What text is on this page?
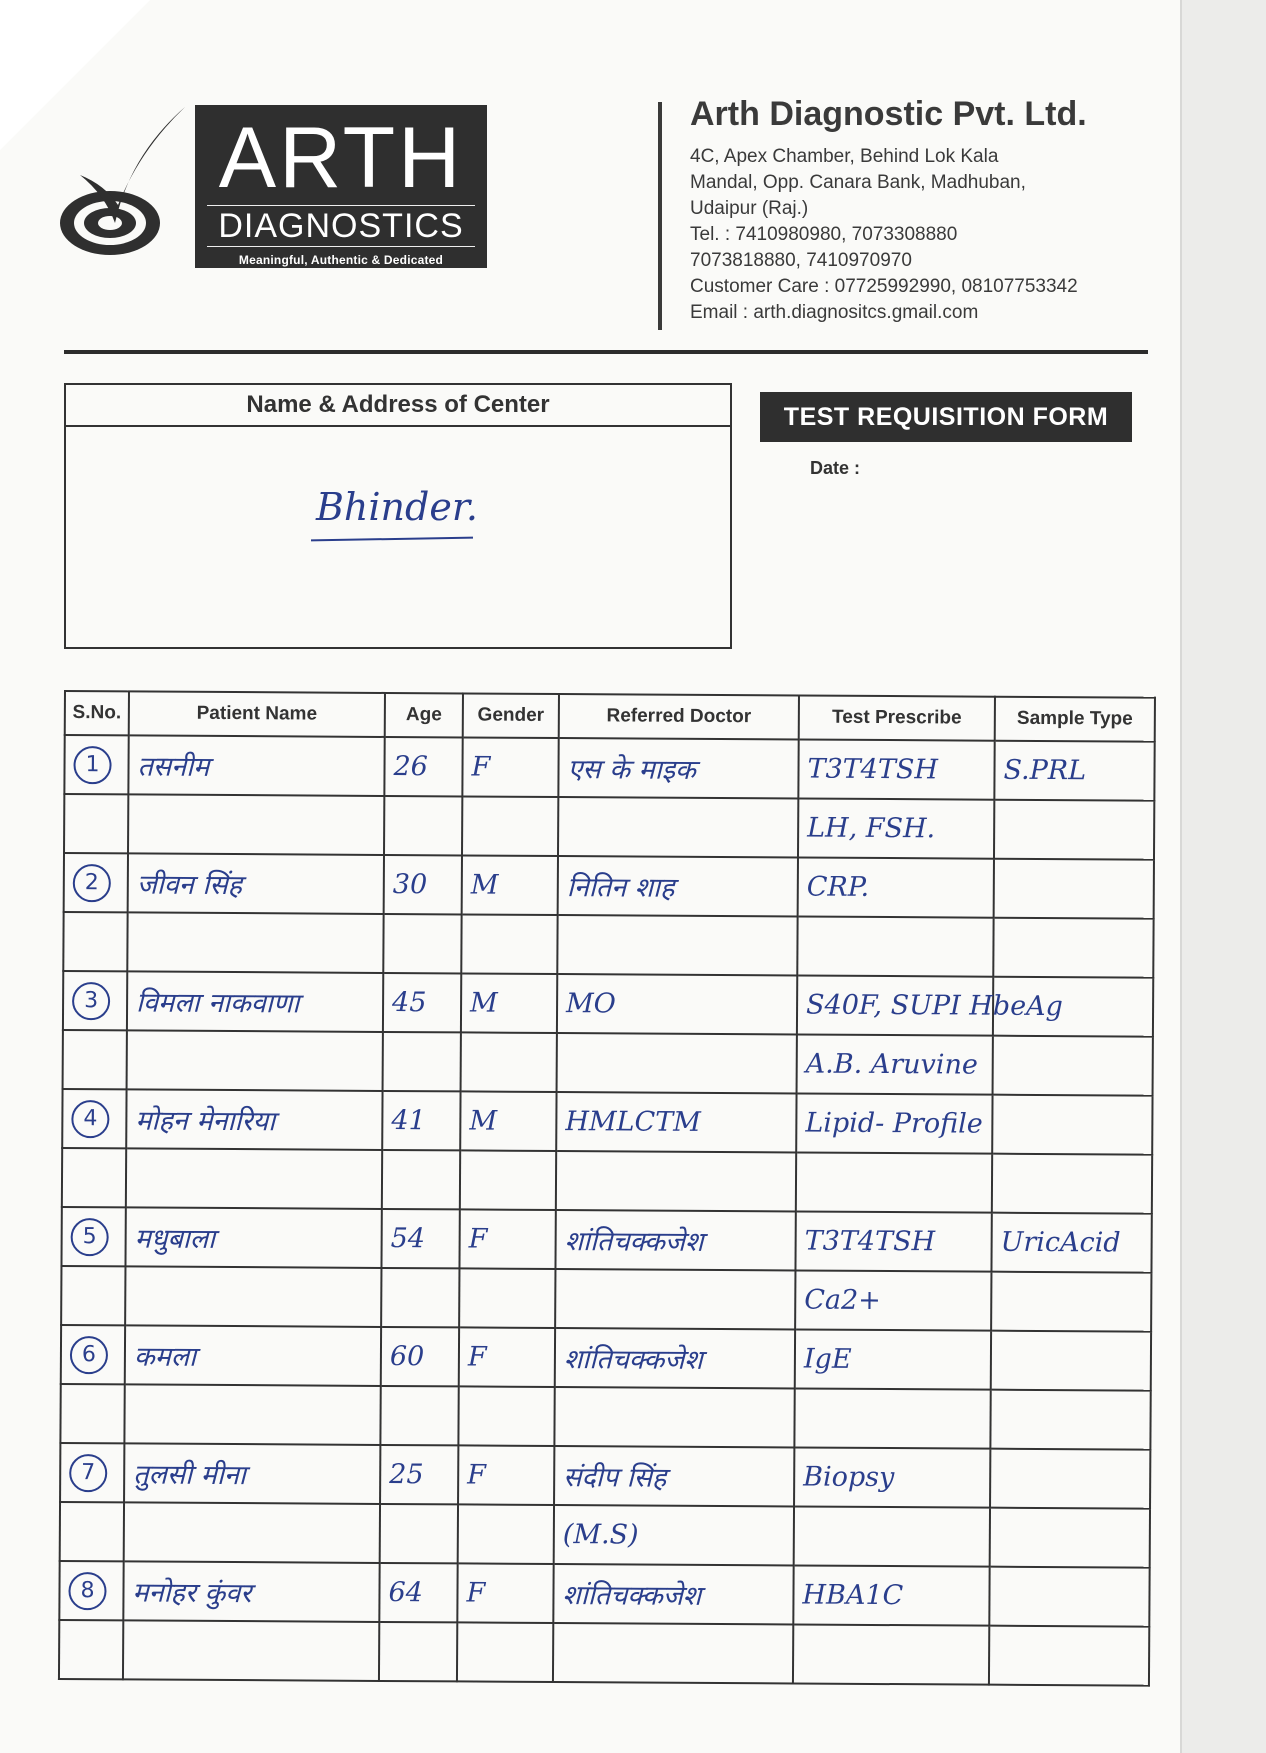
ARTH
DIAGNOSTICS
Meaningful, Authentic & Dedicated
Arth Diagnostic Pvt. Ltd.
4C, Apex Chamber, Behind Lok Kala
Mandal, Opp. Canara Bank, Madhuban,
Udaipur (Raj.)
Tel. : 7410980980, 7073308880
7073818880, 7410970970
Customer Care : 07725992990, 08107753342
Email : arth.diagnositcs.gmail.com
Name & Address of Center
Bhinder.
TEST REQUISITION FORM
Date :
S.No.	Patient Name	Age	Gender	Referred Doctor	Test Prescribe	Sample Type
1	तसनीम	26	F	एस के माइक	T3T4TSH	S.PRL
					LH, FSH.	
2	जीवन सिंह	30	M	नितिन शाह	CRP.	

3	विमला नाकवाणा	45	M	MO	S40F, SUPI HbeAg	
					A.B. Aruvine	
4	मोहन मेनारिया	41	M	HMLCTM	Lipid- Profile	

5	मधुबाला	54	F	शांतिचक्कजेश	T3T4TSH	UricAcid
					Ca2+	
6	कमला	60	F	शांतिचक्कजेश	IgE	

7	तुलसी मीना	25	F	संदीप सिंह	Biopsy	
				(M.S)		
8	मनोहर कुंवर	64	F	शांतिचक्कजेश	HBA1C	
